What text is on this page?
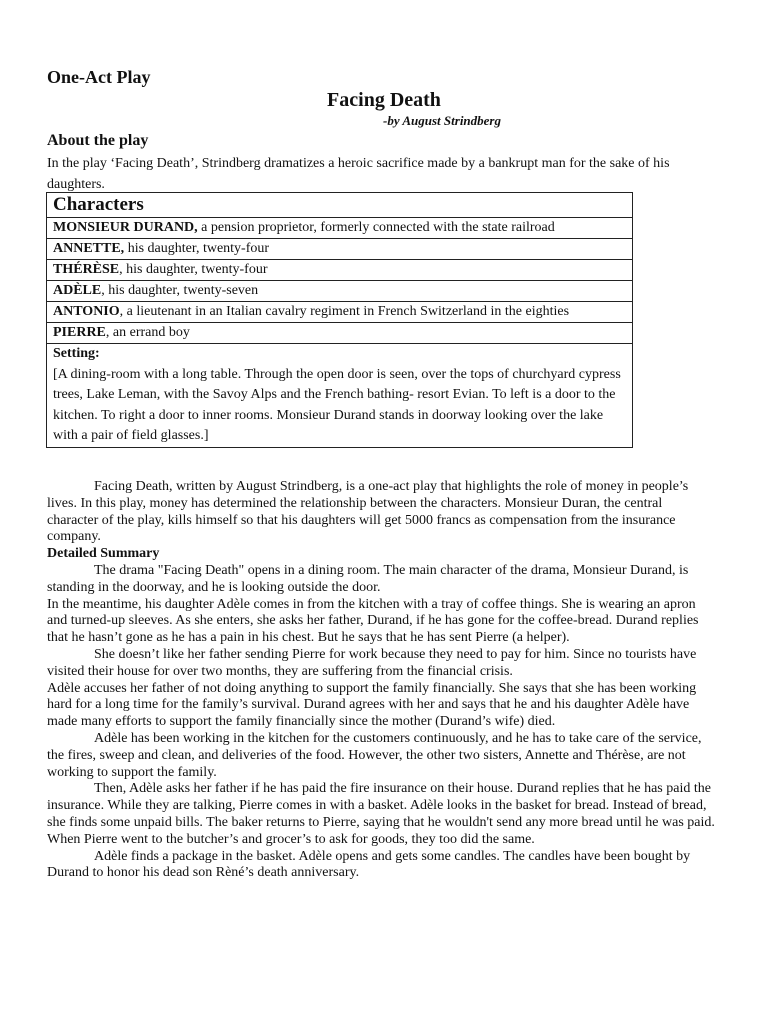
One-Act Play
Facing Death
-by August Strindberg
About the play
In the play ‘Facing Death’, Strindberg dramatizes a heroic sacrifice made by a bankrupt man for the sake of his daughters.
Characters
MONSIEUR DURAND, a pension proprietor, formerly connected with the state railroad
ANNETTE, his daughter, twenty-four
THÉRÈSE, his daughter, twenty-four
ADÈLE, his daughter, twenty-seven
ANTONIO, a lieutenant in an Italian cavalry regiment in French Switzerland in the eighties
PIERRE, an errand boy

Setting:
[A dining-room with a long table. Through the open door is seen, over the tops of churchyard cypress trees, Lake Leman, with the Savoy Alps and the French bathing- resort Evian. To left is a door to the kitchen. To right a door to inner rooms. Monsieur Durand stands in doorway looking over the lake with a pair of field glasses.]

Facing Death, written by August Strindberg, is a one-act play that highlights the role of money in people’s lives. In this play, money has determined the relationship between the characters. Monsieur Duran, the central character of the play, kills himself so that his daughters will get 5000 francs as compensation from the insurance company.

Detailed Summary

The drama "Facing Death" opens in a dining room. The main character of the drama, Monsieur Durand, is standing in the doorway, and he is looking outside the door.

In the meantime, his daughter Adèle comes in from the kitchen with a tray of coffee things. She is wearing an apron and turned-up sleeves. As she enters, she asks her father, Durand, if he has gone for the coffee-bread. Durand replies that he hasn’t gone as he has a pain in his chest. But he says that he has sent Pierre (a helper).

She doesn’t like her father sending Pierre for work because they need to pay for him. Since no tourists have visited their house for over two months, they are suffering from the financial crisis.

Adèle accuses her father of not doing anything to support the family financially. She says that she has been working hard for a long time for the family’s survival. Durand agrees with her and says that he and his daughter Adèle have made many efforts to support the family financially since the mother (Durand’s wife) died.

Adèle has been working in the kitchen for the customers continuously, and he has to take care of the service, the fires, sweep and clean, and deliveries of the food. However, the other two sisters, Annette and Thérèse, are not working to support the family.

Then, Adèle asks her father if he has paid the fire insurance on their house. Durand replies that he has paid the insurance. While they are talking, Pierre comes in with a basket. Adèle looks in the basket for bread. Instead of bread, she finds some unpaid bills. The baker returns to Pierre, saying that he wouldn't send any more bread until he was paid. When Pierre went to the butcher’s and grocer’s to ask for goods, they too did the same.

Adèle finds a package in the basket. Adèle opens and gets some candles. The candles have been bought by Durand to honor his dead son Rèné’s death anniversary.
